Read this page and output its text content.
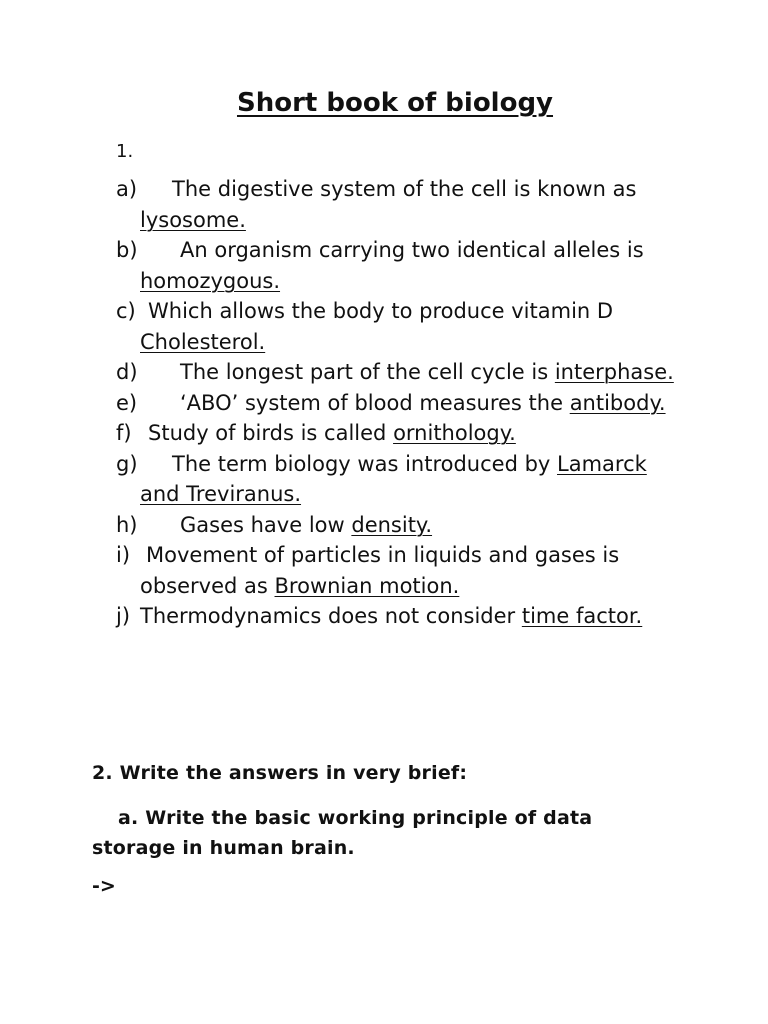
Short book of biology
1.
a) The digestive system of the cell is known as lysosome.
b) An organism carrying two identical alleles is homozygous.
c) Which allows the body to produce vitamin D Cholesterol.
d) The longest part of the cell cycle is interphase.
e) ‘ABO’ system of blood measures the antibody.
f) Study of birds is called ornithology.
g) The term biology was introduced by Lamarck and Treviranus.
h) Gases have low density.
i) Movement of particles in liquids and gases is observed as Brownian motion.
j) Thermodynamics does not consider time factor.
2. Write the answers in very brief:
a. Write the basic working principle of data storage in human brain.
->
